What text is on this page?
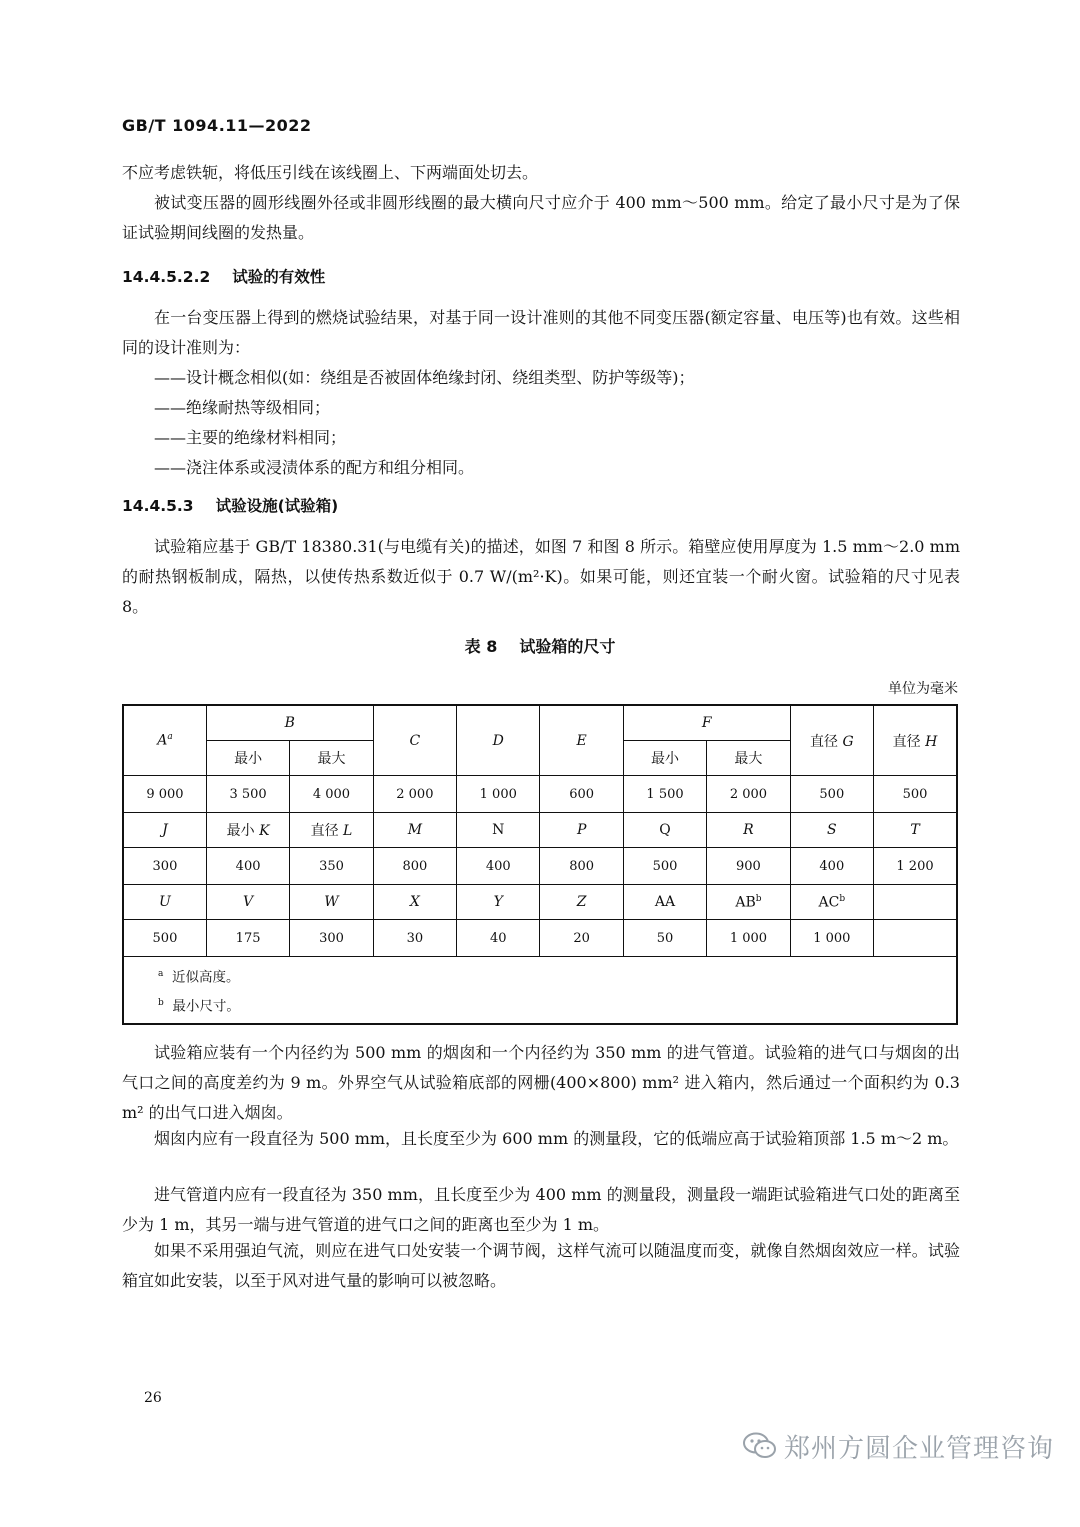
GB/T 1094.11—2022

不应考虑铁轭，将低压引线在该线圈上、下两端面处切去。

被试变压器的圆形线圈外径或非圆形线圈的最大横向尺寸应介于 400 mm～500 mm。给定了最小尺寸是为了保证试验期间线圈的发热量。

14.4.5.2.2 试验的有效性

在一台变压器上得到的燃烧试验结果，对基于同一设计准则的其他不同变压器(额定容量、电压等)也有效。这些相同的设计准则为：

——设计概念相似(如：绕组是否被固体绝缘封闭、绕组类型、防护等级等)；

——绝缘耐热等级相同；

——主要的绝缘材料相同；

——浇注体系或浸渍体系的配方和组分相同。

14.4.5.3 试验设施(试验箱)

试验箱应基于 GB/T 18380.31(与电缆有关)的描述，如图 7 和图 8 所示。箱壁应使用厚度为 1.5 mm～2.0 mm 的耐热钢板制成，隔热，以使传热系数近似于 0.7 W/(m²·K)。如果可能，则还宜装一个耐火窗。试验箱的尺寸见表 8。

表 8 试验箱的尺寸
单位为毫米
$A^a$	B		C	D	E	F		直径 G	直径 H
	最小	最大				最小	最大		
9 000	3 500	4 000	2 000	1 000	600	1 500	2 000	500	500
J	最小 K	直径 L	M	N	P	Q	R	S	T
300	400	350	800	400	800	500	900	400	1 200
U	V	W	X	Y	Z	AA	$AB^b$	$AC^b$	
500	175	300	30	40	20	50	1 000	1 000	

$^a$ 近似高度。
$^b$ 最小尺寸。									

试验箱应装有一个内径约为 500 mm 的烟囱和一个内径约为 350 mm 的进气管道。试验箱的进气口与烟囱的出气口之间的高度差约为 9 m。外界空气从试验箱底部的网栅(400×800) mm² 进入箱内，然后通过一个面积约为 0.3 m² 的出气口进入烟囱。

烟囱内应有一段直径为 500 mm，且长度至少为 600 mm 的测量段，它的低端应高于试验箱顶部 1.5 m～2 m。

进气管道内应有一段直径为 350 mm，且长度至少为 400 mm 的测量段，测量段一端距试验箱进气口处的距离至少为 1 m，其另一端与进气管道的进气口之间的距离也至少为 1 m。

如果不采用强迫气流，则应在进气口处安装一个调节阀，这样气流可以随温度而变，就像自然烟囱效应一样。试验箱宜如此安装，以至于风对进气量的影响可以被忽略。

26
郑州方圆企业管理咨询
